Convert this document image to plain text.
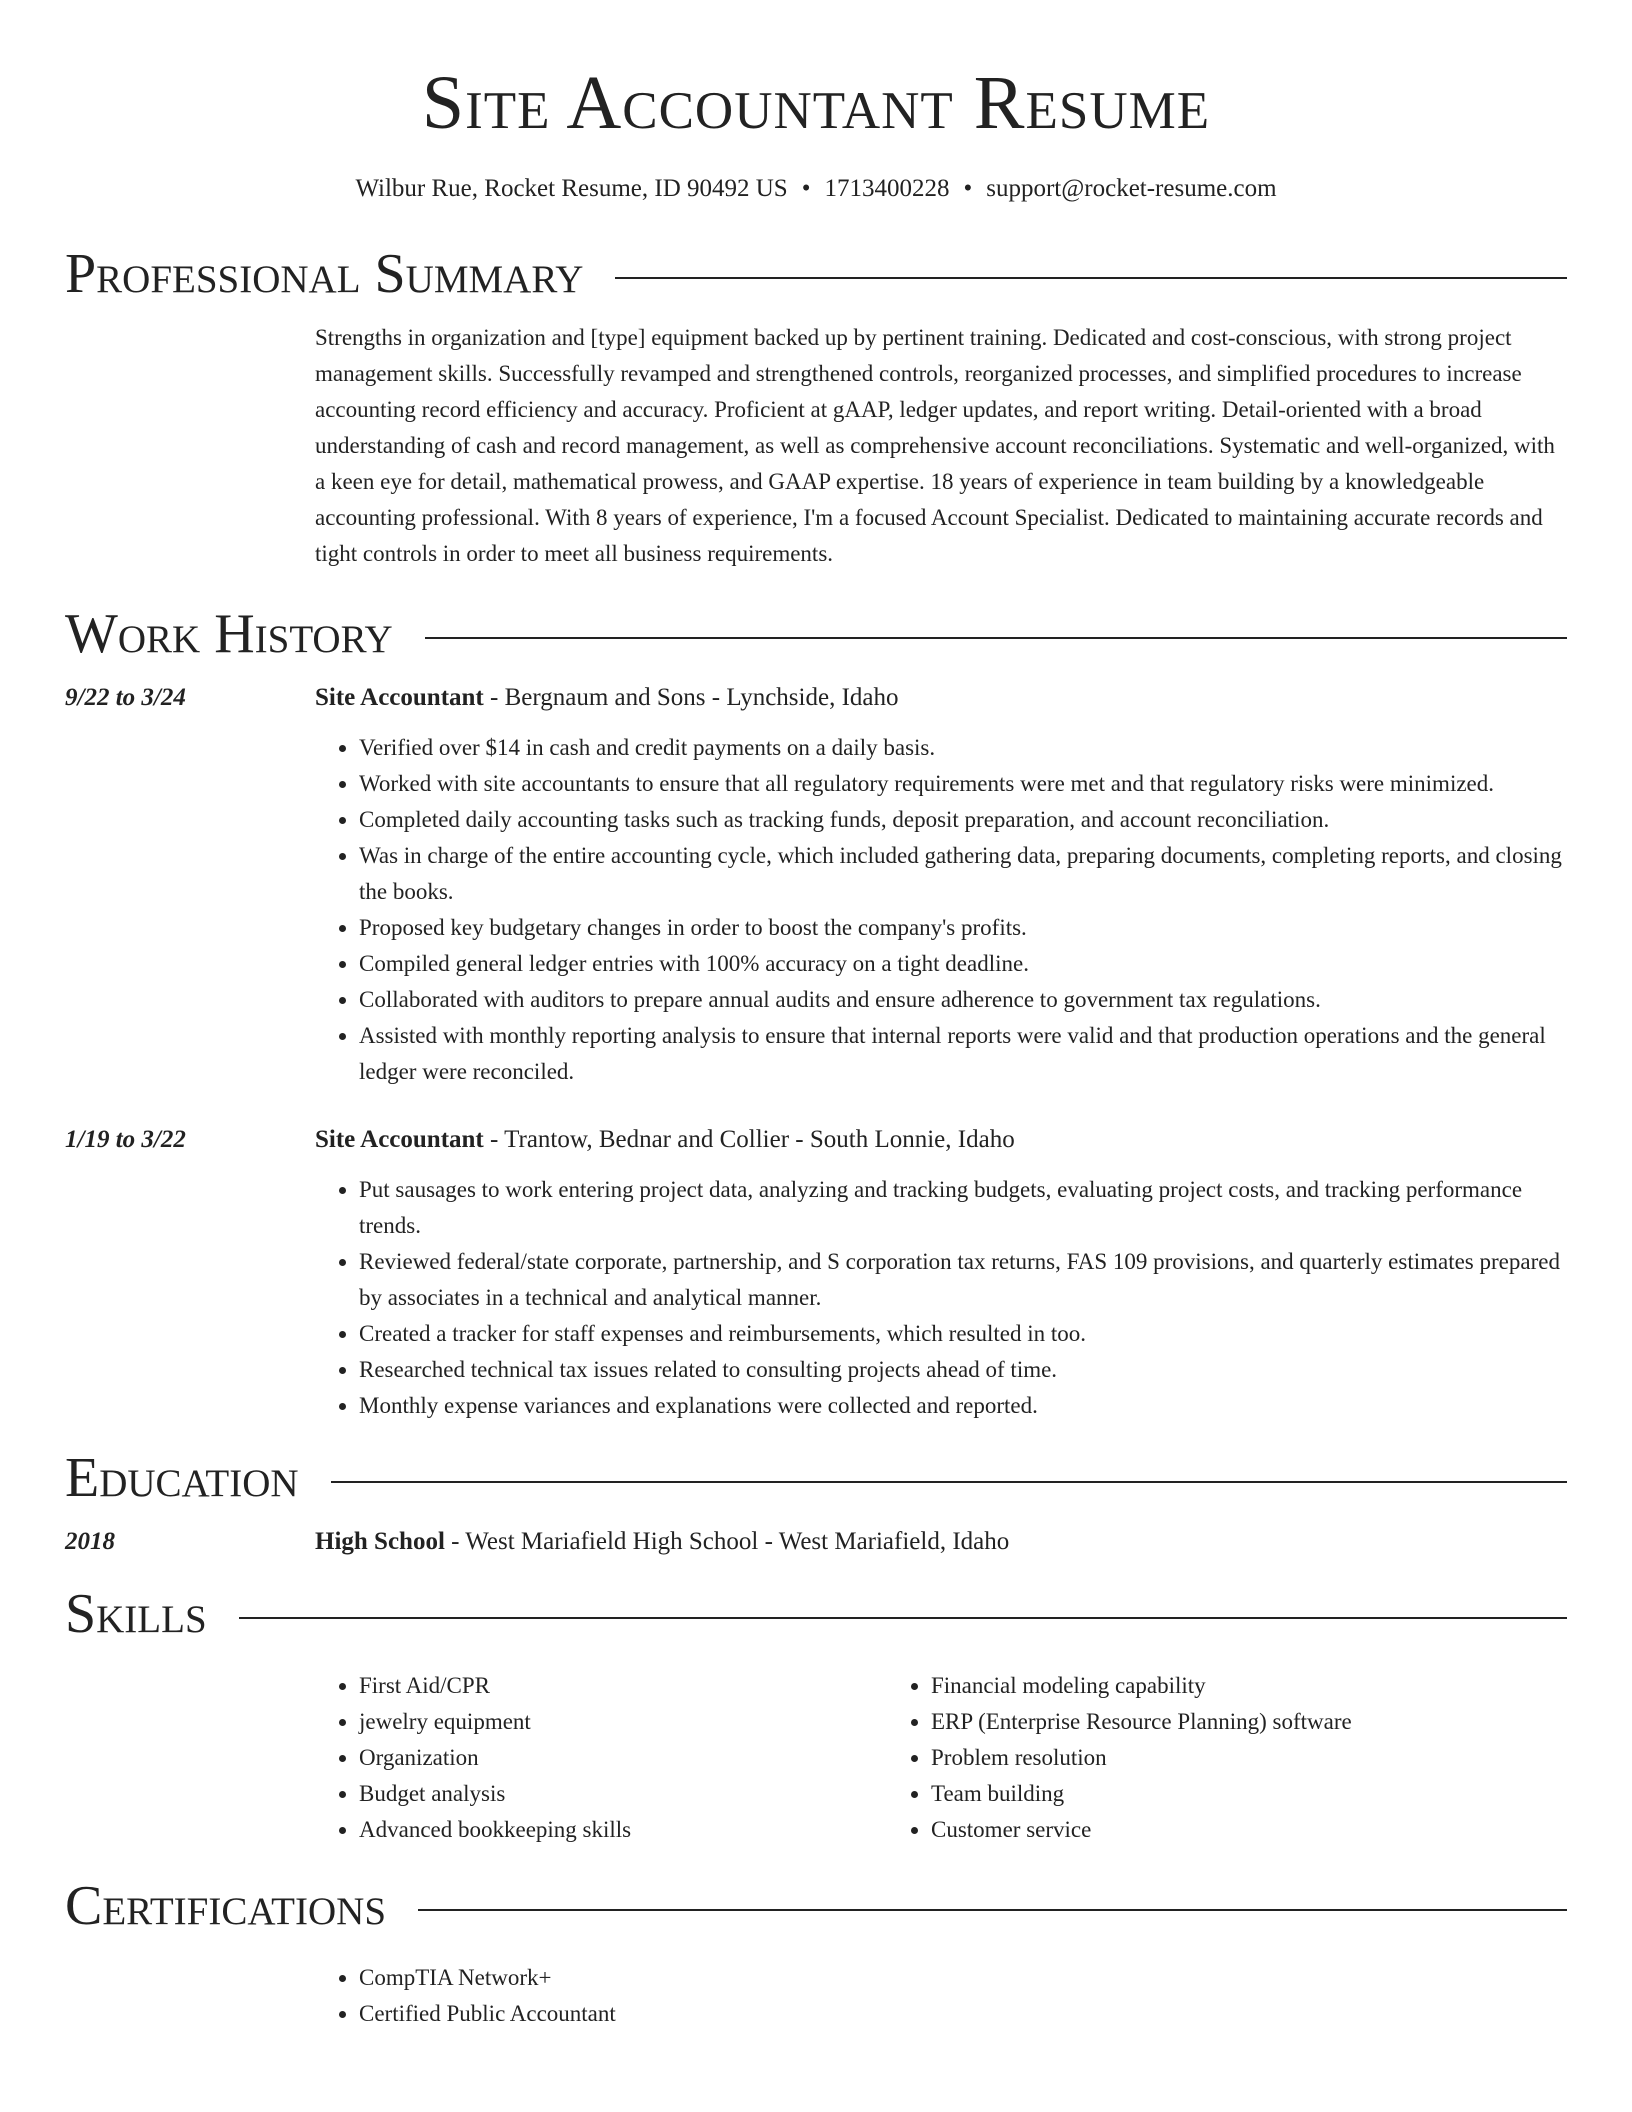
Site Accountant Resume
Wilbur Rue, Rocket Resume, ID 90492 US • 1713400228 • support@rocket-resume.com
Professional Summary
Strengths in organization and [type] equipment backed up by pertinent training. Dedicated and cost-conscious, with strong project management skills. Successfully revamped and strengthened controls, reorganized processes, and simplified procedures to increase accounting record efficiency and accuracy. Proficient at gAAP, ledger updates, and report writing. Detail-oriented with a broad understanding of cash and record management, as well as comprehensive account reconciliations. Systematic and well-organized, with a keen eye for detail, mathematical prowess, and GAAP expertise. 18 years of experience in team building by a knowledgeable accounting professional. With 8 years of experience, I'm a focused Account Specialist. Dedicated to maintaining accurate records and tight controls in order to meet all business requirements.
Work History
9/22 to 3/24	Site Accountant - Bergnaum and Sons - Lynchside, Idaho
• Verified over $14 in cash and credit payments on a daily basis.
• Worked with site accountants to ensure that all regulatory requirements were met and that regulatory risks were minimized.
• Completed daily accounting tasks such as tracking funds, deposit preparation, and account reconciliation.
• Was in charge of the entire accounting cycle, which included gathering data, preparing documents, completing reports, and closing the books.
• Proposed key budgetary changes in order to boost the company's profits.
• Compiled general ledger entries with 100% accuracy on a tight deadline.
• Collaborated with auditors to prepare annual audits and ensure adherence to government tax regulations.
• Assisted with monthly reporting analysis to ensure that internal reports were valid and that production operations and the general ledger were reconciled.
1/19 to 3/22	Site Accountant - Trantow, Bednar and Collier - South Lonnie, Idaho
• Put sausages to work entering project data, analyzing and tracking budgets, evaluating project costs, and tracking performance trends.
• Reviewed federal/state corporate, partnership, and S corporation tax returns, FAS 109 provisions, and quarterly estimates prepared by associates in a technical and analytical manner.
• Created a tracker for staff expenses and reimbursements, which resulted in too.
• Researched technical tax issues related to consulting projects ahead of time.
• Monthly expense variances and explanations were collected and reported.
Education
2018	High School - West Mariafield High School - West Mariafield, Idaho
Skills
• First Aid/CPR
• jewelry equipment
• Organization
• Budget analysis
• Advanced bookkeeping skills
• Financial modeling capability
• ERP (Enterprise Resource Planning) software
• Problem resolution
• Team building
• Customer service
Certifications
• CompTIA Network+
• Certified Public Accountant
